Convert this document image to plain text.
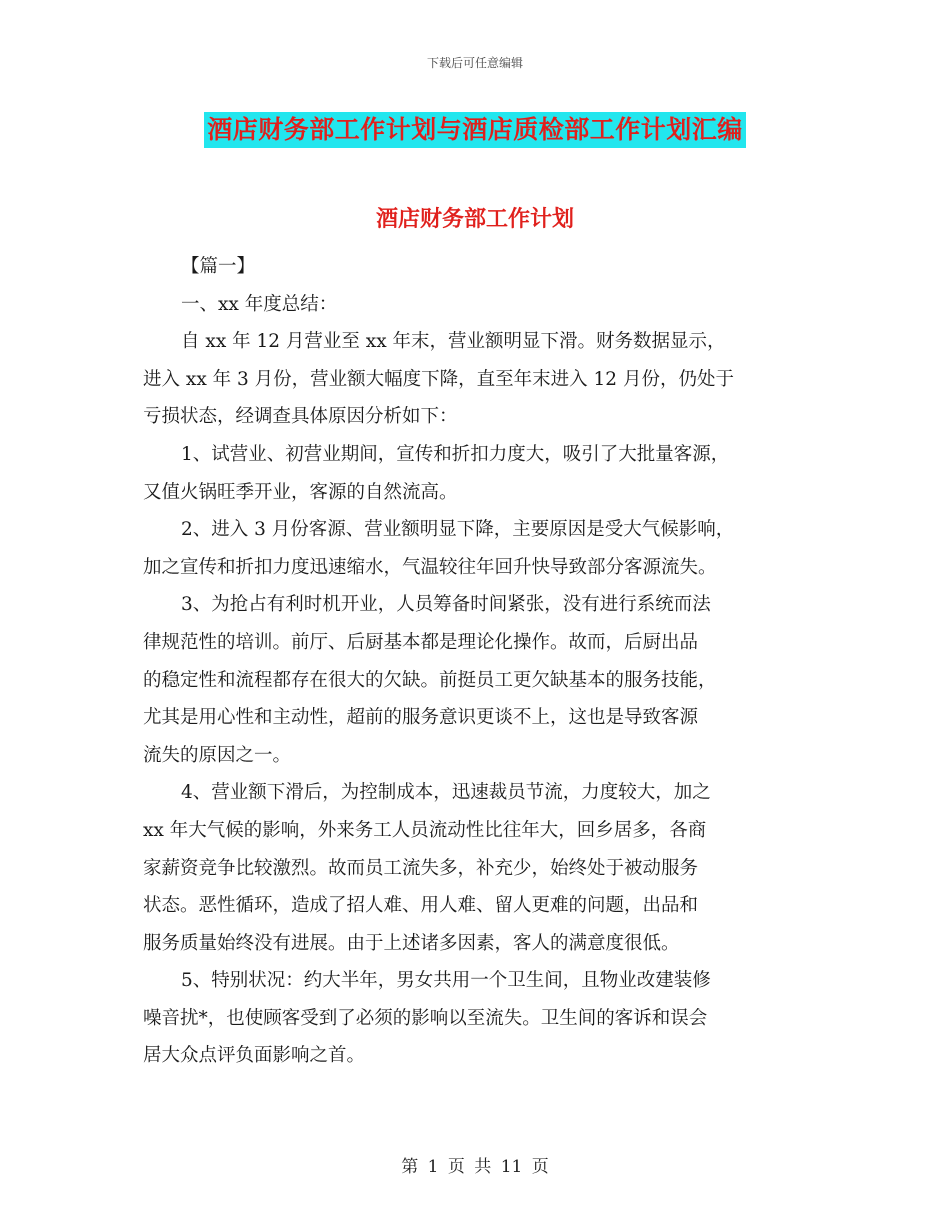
下载后可任意编辑
酒店财务部工作计划与酒店质检部工作计划汇编
酒店财务部工作计划
【篇一】
一、xx 年度总结：
自 xx 年 12 月营业至 xx 年末，营业额明显下滑。财务数据显示，
进入 xx 年 3 月份，营业额大幅度下降，直至年末进入 12 月份，仍处于
亏损状态，经调查具体原因分析如下：
1、试营业、初营业期间，宣传和折扣力度大，吸引了大批量客源，
又值火锅旺季开业，客源的自然流高。
2、进入 3 月份客源、营业额明显下降，主要原因是受大气候影响，
加之宣传和折扣力度迅速缩水，气温较往年回升快导致部分客源流失。
3、为抢占有利时机开业，人员筹备时间紧张，没有进行系统而法
律规范性的培训。前厅、后厨基本都是理论化操作。故而，后厨出品
的稳定性和流程都存在很大的欠缺。前挺员工更欠缺基本的服务技能，
尤其是用心性和主动性，超前的服务意识更谈不上，这也是导致客源
流失的原因之一。
4、营业额下滑后，为控制成本，迅速裁员节流，力度较大，加之
xx 年大气候的影响，外来务工人员流动性比往年大，回乡居多，各商
家薪资竞争比较激烈。故而员工流失多，补充少，始终处于被动服务
状态。恶性循环，造成了招人难、用人难、留人更难的问题，出品和
服务质量始终没有进展。由于上述诸多因素，客人的满意度很低。
5、特别状况：约大半年，男女共用一个卫生间，且物业改建装修
噪音扰*，也使顾客受到了必须的影响以至流失。卫生间的客诉和误会
居大众点评负面影响之首。
第 1 页 共 11 页
